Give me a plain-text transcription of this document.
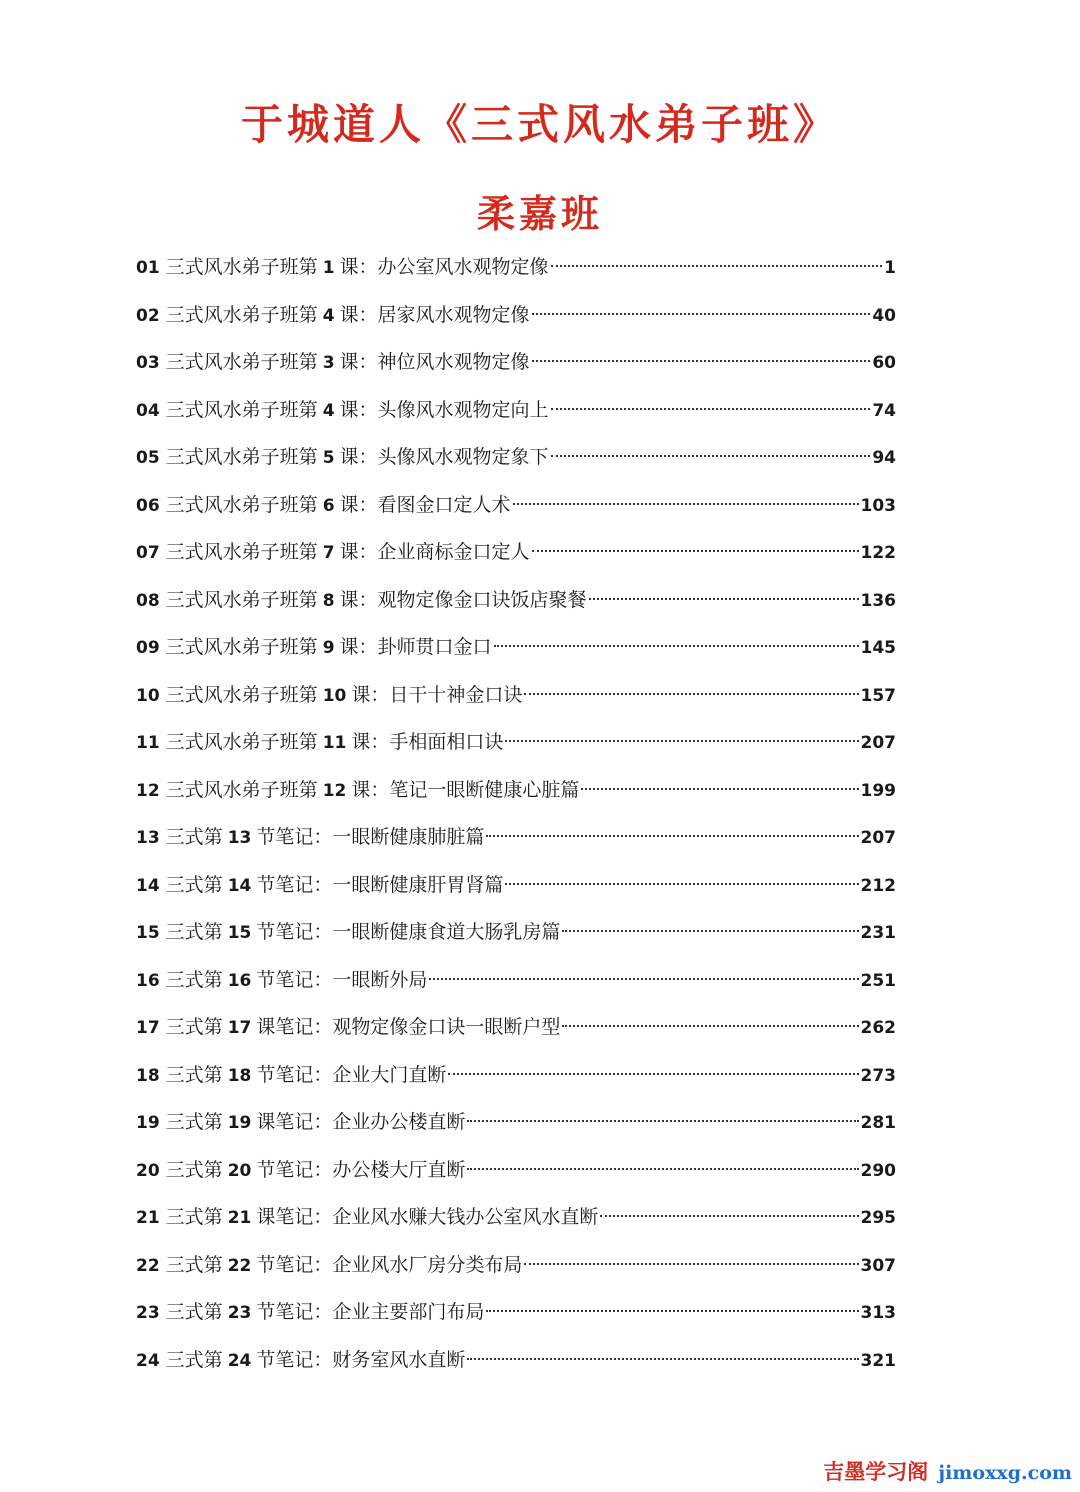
于城道人《三式风水弟子班》
柔嘉班
01 三式风水弟子班第 1 课： 办公室风水观物定像	1
02 三式风水弟子班第 4 课： 居家风水观物定像	40
03 三式风水弟子班第 3 课： 神位风水观物定像	60
04 三式风水弟子班第 4 课： 头像风水观物定向上	74
05 三式风水弟子班第 5 课： 头像风水观物定象下	94
06 三式风水弟子班第 6 课： 看图金口定人术	103
07 三式风水弟子班第 7 课： 企业商标金口定人	122
08 三式风水弟子班第 8 课： 观物定像金口诀饭店聚餐	136
09 三式风水弟子班第 9 课： 卦师贯口金口	145
10 三式风水弟子班第 10 课： 日干十神金口诀	157
11 三式风水弟子班第 11 课： 手相面相口诀	207
12 三式风水弟子班第 12 课： 笔记一眼断健康心脏篇	199
13 三式第 13 节笔记： 一眼断健康肺脏篇	207
14 三式第 14 节笔记： 一眼断健康肝胃肾篇	212
15 三式第 15 节笔记： 一眼断健康食道大肠乳房篇	231
16 三式第 16 节笔记： 一眼断外局	251
17 三式第 17 课笔记： 观物定像金口诀一眼断户型	262
18 三式第 18 节笔记： 企业大门直断	273
19 三式第 19 课笔记： 企业办公楼直断	281
20 三式第 20 节笔记： 办公楼大厅直断	290
21 三式第 21 课笔记： 企业风水赚大钱办公室风水直断	295
22 三式第 22 节笔记： 企业风水厂房分类布局	307
23 三式第 23 节笔记： 企业主要部门布局	313
24 三式第 24 节笔记： 财务室风水直断	321
吉墨学习阁 jimoxxg.com
